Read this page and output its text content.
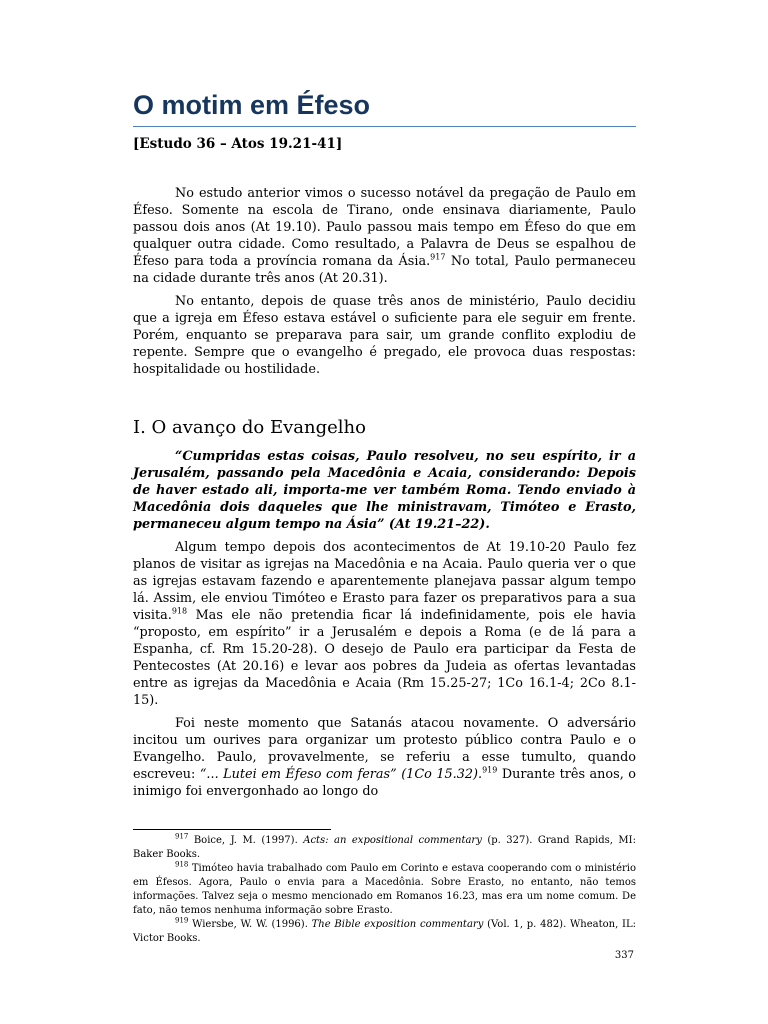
O motim em Éfeso
[Estudo 36 – Atos 19.21-41]

No estudo anterior vimos o sucesso notável da pregação de Paulo em Éfeso. Somente na escola de Tirano, onde ensinava diariamente, Paulo passou dois anos (At 19.10). Paulo passou mais tempo em Éfeso do que em qualquer outra cidade. Como resultado, a Palavra de Deus se espalhou de Éfeso para toda a província romana da Ásia.$^{917}$ No total, Paulo permaneceu na cidade durante três anos (At 20.31).

No entanto, depois de quase três anos de ministério, Paulo decidiu que a igreja em Éfeso estava estável o suficiente para ele seguir em frente. Porém, enquanto se preparava para sair, um grande conflito explodiu de repente. Sempre que o evangelho é pregado, ele provoca duas respostas: hospitalidade ou hostilidade.

I. O avanço do Evangelho

“Cumpridas estas coisas, Paulo resolveu, no seu espírito, ir a Jerusalém, passando pela Macedônia e Acaia, considerando: Depois de haver estado ali, importa-me ver também Roma. Tendo enviado à Macedônia dois daqueles que lhe ministravam, Timóteo e Erasto, permaneceu algum tempo na Ásia” (At 19.21–22).

Algum tempo depois dos acontecimentos de At 19.10-20 Paulo fez planos de visitar as igrejas na Macedônia e na Acaia. Paulo queria ver o que as igrejas estavam fazendo e aparentemente planejava passar algum tempo lá. Assim, ele enviou Timóteo e Erasto para fazer os preparativos para a sua visita.$^{918}$ Mas ele não pretendia ficar lá indefinidamente, pois ele havia “proposto, em espírito” ir a Jerusalém e depois a Roma (e de lá para a Espanha, cf. Rm 15.20-28). O desejo de Paulo era participar da Festa de Pentecostes (At 20.16) e levar aos pobres da Judeia as ofertas levantadas entre as igrejas da Macedônia e Acaia (Rm 15.25-27; 1Co 16.1-4; 2Co 8.1-15).

Foi neste momento que Satanás atacou novamente. O adversário incitou um ourives para organizar um protesto público contra Paulo e o Evangelho. Paulo, provavelmente, se referiu a esse tumulto, quando escreveu: “... Lutei em Éfeso com feras” (1Co 15.32).$^{919}$ Durante três anos, o inimigo foi envergonhado ao longo do

$^{917}$ Boice, J. M. (1997). Acts: an expositional commentary (p. 327). Grand Rapids, MI: Baker Books.

$^{918}$ Timóteo havia trabalhado com Paulo em Corinto e estava cooperando com o ministério em Éfesos. Agora, Paulo o envia para a Macedônia. Sobre Erasto, no entanto, não temos informações. Talvez seja o mesmo mencionado em Romanos 16.23, mas era um nome comum. De fato, não temos nenhuma informação sobre Erasto.

$^{919}$ Wiersbe, W. W. (1996). The Bible exposition commentary (Vol. 1, p. 482). Wheaton, IL: Victor Books.

337
